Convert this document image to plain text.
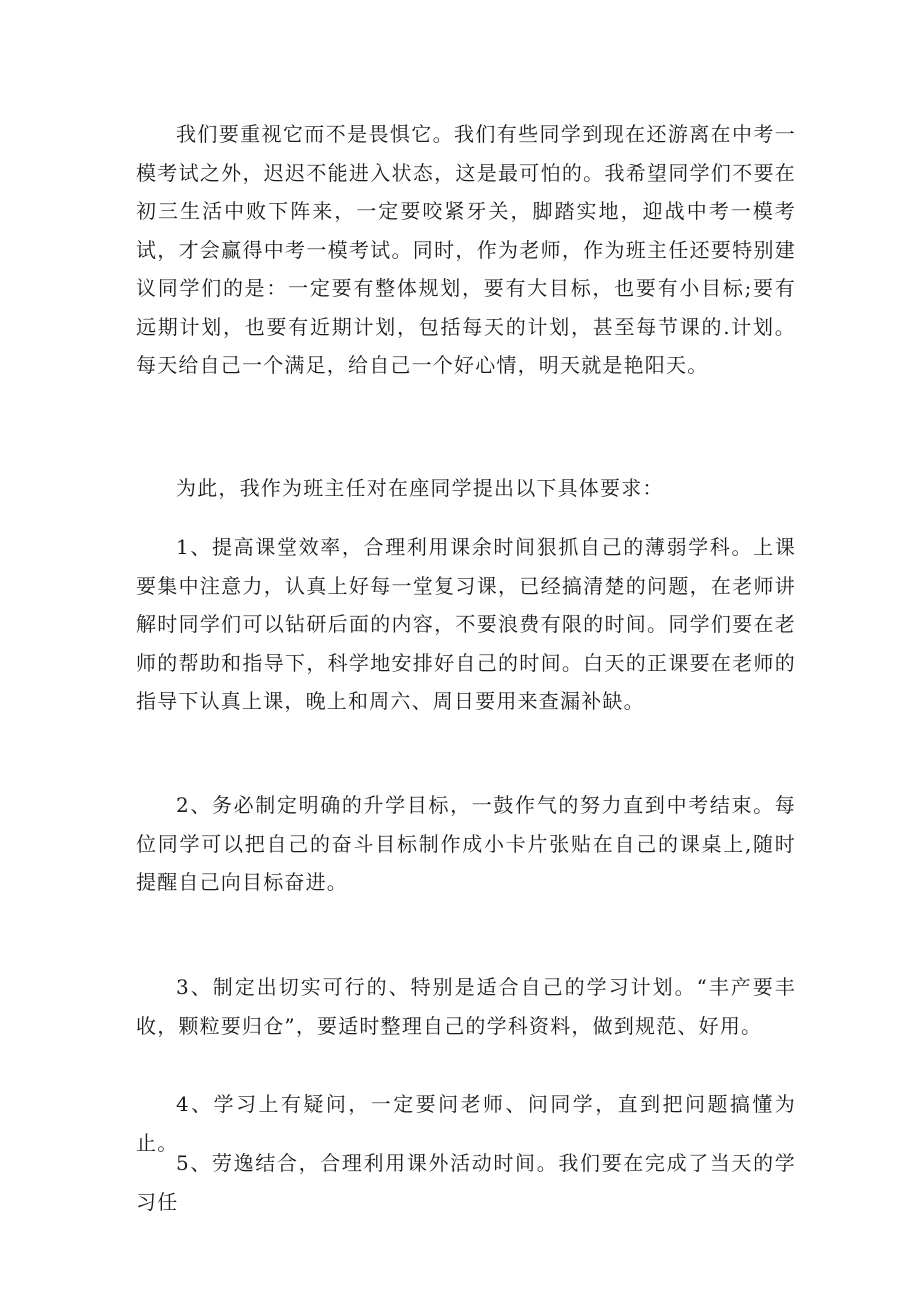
我们要重视它而不是畏惧它。我们有些同学到现在还游离在中考一模考试之外，迟迟不能进入状态，这是最可怕的。我希望同学们不要在初三生活中败下阵来，一定要咬紧牙关，脚踏实地，迎战中考一模考试，才会赢得中考一模考试。同时，作为老师，作为班主任还要特别建议同学们的是：一定要有整体规划，要有大目标，也要有小目标;要有远期计划，也要有近期计划，包括每天的计划，甚至每节课的.计划。每天给自己一个满足，给自己一个好心情，明天就是艳阳天。

为此，我作为班主任对在座同学提出以下具体要求：

1、提高课堂效率，合理利用课余时间狠抓自己的薄弱学科。上课要集中注意力，认真上好每一堂复习课，已经搞清楚的问题，在老师讲解时同学们可以钻研后面的内容，不要浪费有限的时间。同学们要在老师的帮助和指导下，科学地安排好自己的时间。白天的正课要在老师的指导下认真上课，晚上和周六、周日要用来查漏补缺。

2、务必制定明确的升学目标，一鼓作气的努力直到中考结束。每位同学可以把自己的奋斗目标制作成小卡片张贴在自己的课桌上,随时提醒自己向目标奋进。

3、制定出切实可行的、特别是适合自己的学习计划。“丰产要丰收，颗粒要归仓”，要适时整理自己的学科资料，做到规范、好用。

4、学习上有疑问，一定要问老师、问同学，直到把问题搞懂为止。

5、劳逸结合，合理利用课外活动时间。我们要在完成了当天的学习任
